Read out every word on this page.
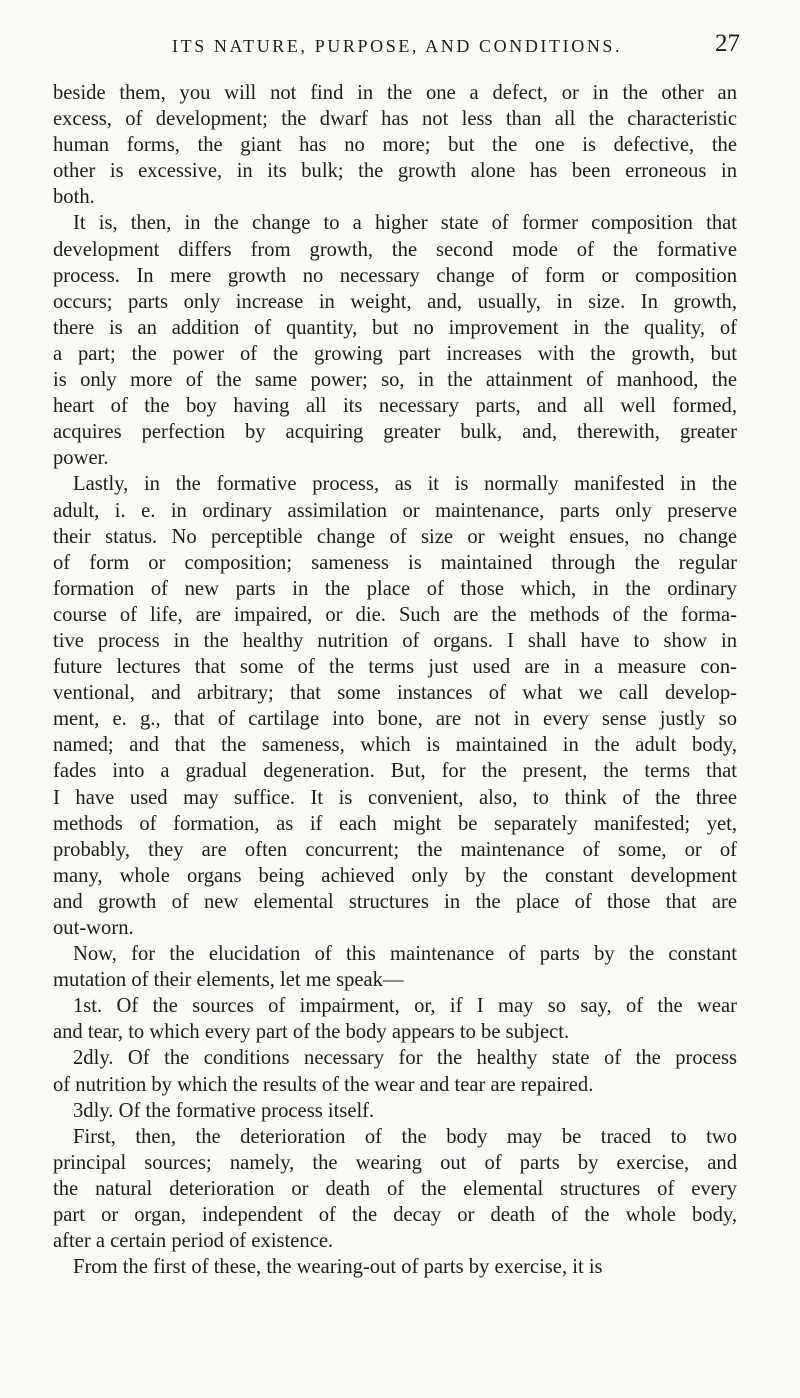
ITS NATURE, PURPOSE, AND CONDITIONS.	27

beside them, you will not find in the one a defect, or in the other an
excess, of development; the dwarf has not less than all the characteristic
human forms, the giant has no more; but the one is defective, the
other is excessive, in its bulk; the growth alone has been erroneous in
both.

It is, then, in the change to a higher state of former composition that
development differs from growth, the second mode of the formative
process. In mere growth no necessary change of form or composition
occurs; parts only increase in weight, and, usually, in size. In growth,
there is an addition of quantity, but no improvement in the quality, of
a part; the power of the growing part increases with the growth, but
is only more of the same power; so, in the attainment of manhood, the
heart of the boy having all its necessary parts, and all well formed,
acquires perfection by acquiring greater bulk, and, therewith, greater
power.

Lastly, in the formative process, as it is normally manifested in the
adult, i. e. in ordinary assimilation or maintenance, parts only preserve
their status. No perceptible change of size or weight ensues, no change
of form or composition; sameness is maintained through the regular
formation of new parts in the place of those which, in the ordinary
course of life, are impaired, or die. Such are the methods of the forma-
tive process in the healthy nutrition of organs. I shall have to show in
future lectures that some of the terms just used are in a measure con-
ventional, and arbitrary; that some instances of what we call develop-
ment, e. g., that of cartilage into bone, are not in every sense justly so
named; and that the sameness, which is maintained in the adult body,
fades into a gradual degeneration. But, for the present, the terms that
I have used may suffice. It is convenient, also, to think of the three
methods of formation, as if each might be separately manifested; yet,
probably, they are often concurrent; the maintenance of some, or of
many, whole organs being achieved only by the constant development
and growth of new elemental structures in the place of those that are
out-worn.

Now, for the elucidation of this maintenance of parts by the constant
mutation of their elements, let me speak—

1st. Of the sources of impairment, or, if I may so say, of the wear
and tear, to which every part of the body appears to be subject.

2dly. Of the conditions necessary for the healthy state of the process
of nutrition by which the results of the wear and tear are repaired.

3dly. Of the formative process itself.

First, then, the deterioration of the body may be traced to two
principal sources; namely, the wearing out of parts by exercise, and
the natural deterioration or death of the elemental structures of every
part or organ, independent of the decay or death of the whole body,
after a certain period of existence.

From the first of these, the wearing-out of parts by exercise, it is
